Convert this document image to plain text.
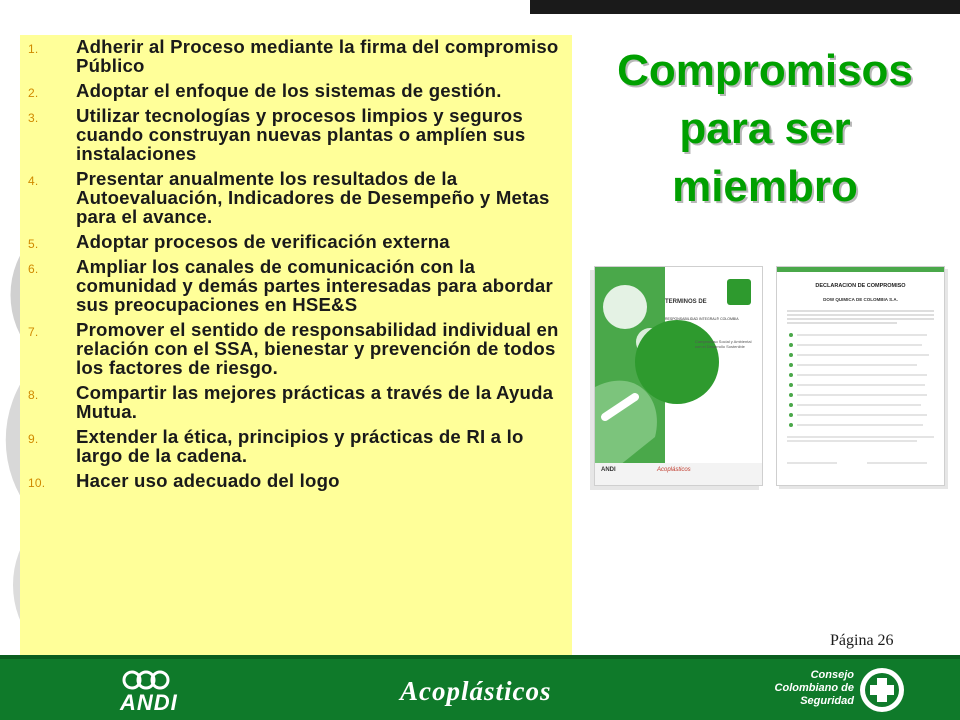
1. Adherir al Proceso mediante la firma del compromiso Público
2. Adoptar el enfoque de los sistemas de gestión.
3. Utilizar tecnologías y procesos limpios y seguros cuando construyan nuevas plantas o amplíen sus instalaciones
4. Presentar anualmente los resultados de la Autoevaluación, Indicadores de Desempeño y Metas para el avance.
5. Adoptar procesos de verificación externa
6. Ampliar los canales de comunicación con la comunidad y demás partes interesadas para abordar sus preocupaciones en HSE&S
7. Promover el sentido de responsabilidad individual en relación con el SSA, bienestar y prevención de todos los factores de riesgo.
8. Compartir las mejores prácticas a través de la Ayuda Mutua.
9. Extender la ética, principios y prácticas de RI a lo largo de la cadena.
10. Hacer uso adecuado del logo
Compromisos
para ser
miembro
TERMINOS DE
ADHESION
RESPONSABILIDAD INTEGRAL® COLOMBIA
Compromiso Social y Ambiental con el Desarrollo Sostenible
ANDI	Acoplásticos
DECLARACION DE COMPROMISO
DOW QUIMICA DE COLOMBIA S.A.
Página 26
ANDI	Acoplásticos
Consejo
Colombiano de
Seguridad
